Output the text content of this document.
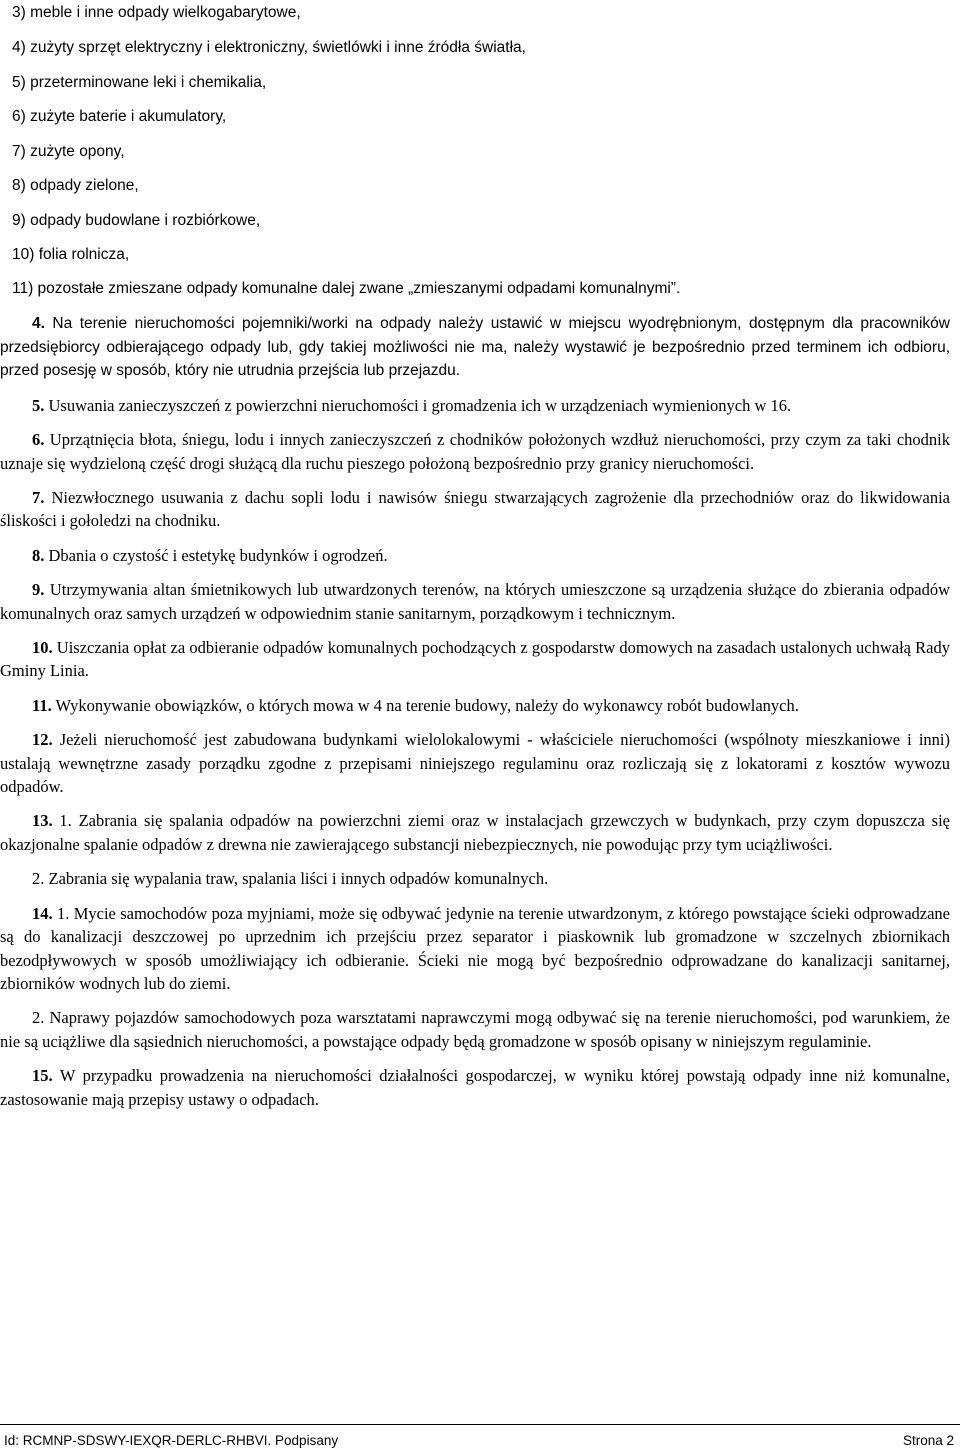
3) meble i inne odpady wielkogabarytowe,
4) zużyty sprzęt elektryczny i elektroniczny, świetlówki i inne źródła światła,
5) przeterminowane leki i chemikalia,
6) zużyte baterie i akumulatory,
7) zużyte opony,
8) odpady zielone,
9) odpady budowlane i rozbiórkowe,
10) folia rolnicza,
11) pozostałe zmieszane odpady komunalne dalej zwane „zmieszanymi odpadami komunalnymi”.

4. Na terenie nieruchomości pojemniki/worki na odpady należy ustawić w miejscu wyodrębnionym, dostępnym dla pracowników przedsiębiorcy odbierającego odpady lub, gdy takiej możliwości nie ma, należy wystawić je bezpośrednio przed terminem ich odbioru, przed posesję w sposób, który nie utrudnia przejścia lub przejazdu.

5. Usuwania zanieczyszczeń z powierzchni nieruchomości i gromadzenia ich w urządzeniach wymienionych w 16.

6. Uprzątnięcia błota, śniegu, lodu i innych zanieczyszczeń z chodników położonych wzdłuż nieruchomości, przy czym za taki chodnik uznaje się wydzieloną część drogi służącą dla ruchu pieszego położoną bezpośrednio przy granicy nieruchomości.

7. Niezwłocznego usuwania z dachu sopli lodu i nawisów śniegu stwarzających zagrożenie dla przechodniów oraz do likwidowania śliskości i gołoledzi na chodniku.

8. Dbania o czystość i estetykę budynków i ogrodzeń.

9. Utrzymywania altan śmietnikowych lub utwardzonych terenów, na których umieszczone są urządzenia służące do zbierania odpadów komunalnych oraz samych urządzeń w odpowiednim stanie sanitarnym, porządkowym i technicznym.

10. Uiszczania opłat za odbieranie odpadów komunalnych pochodzących z gospodarstw domowych na zasadach ustalonych uchwałą Rady Gminy Linia.

11. Wykonywanie obowiązków, o których mowa w 4 na terenie budowy, należy do wykonawcy robót budowlanych.

12. Jeżeli nieruchomość jest zabudowana budynkami wielolokalowymi - właściciele nieruchomości (wspólnoty mieszkaniowe i inni) ustalają wewnętrzne zasady porządku zgodne z przepisami niniejszego regulaminu oraz rozliczają się z lokatorami z kosztów wywozu odpadów.

13. 1. Zabrania się spalania odpadów na powierzchni ziemi oraz w instalacjach grzewczych w budynkach, przy czym dopuszcza się okazjonalne spalanie odpadów z drewna nie zawierającego substancji niebezpiecznych, nie powodując przy tym uciążliwości.

2. Zabrania się wypalania traw, spalania liści i innych odpadów komunalnych.

14. 1. Mycie samochodów poza myjniami, może się odbywać jedynie na terenie utwardzonym, z którego powstające ścieki odprowadzane są do kanalizacji deszczowej po uprzednim ich przejściu przez separator i piaskownik lub gromadzone w szczelnych zbiornikach bezodpływowych w sposób umożliwiający ich odbieranie. Ścieki nie mogą być bezpośrednio odprowadzane do kanalizacji sanitarnej, zbiorników wodnych lub do ziemi.

2. Naprawy pojazdów samochodowych poza warsztatami naprawczymi mogą odbywać się na terenie nieruchomości, pod warunkiem, że nie są uciążliwe dla sąsiednich nieruchomości, a powstające odpady będą gromadzone w sposób opisany w niniejszym regulaminie.

15. W przypadku prowadzenia na nieruchomości działalności gospodarczej, w wyniku której powstają odpady inne niż komunalne, zastosowanie mają przepisy ustawy o odpadach.

Id: RCMNP-SDSWY-IEXQR-DERLC-RHBVI. Podpisany	Strona 2
